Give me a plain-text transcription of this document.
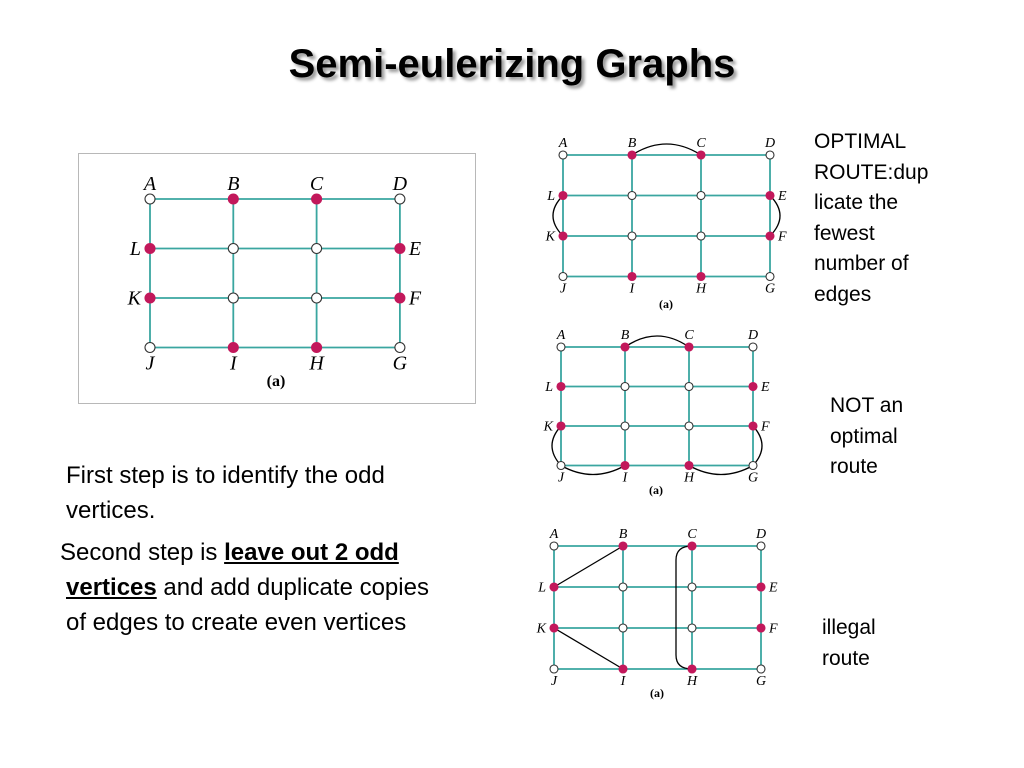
Semi-eulerizing Graphs
A	B	C	D
L	E
K	F
J	I	H	G
(a)
A	B	C	D
L	E
K	F
J	I	H	G
(a)
A	B	C	D
L	E
K	F
J	I	H	G
(a)
A	B	C	D
L	E
K	F
J	I	H	G
(a)
OPTIMAL
ROUTE:dup
licate the
fewest
number of
edges
NOT an
optimal
route
illegal
route
First step is to identify the odd vertices.
Second step is leave out 2 odd vertices and add duplicate copies of edges to create even vertices
